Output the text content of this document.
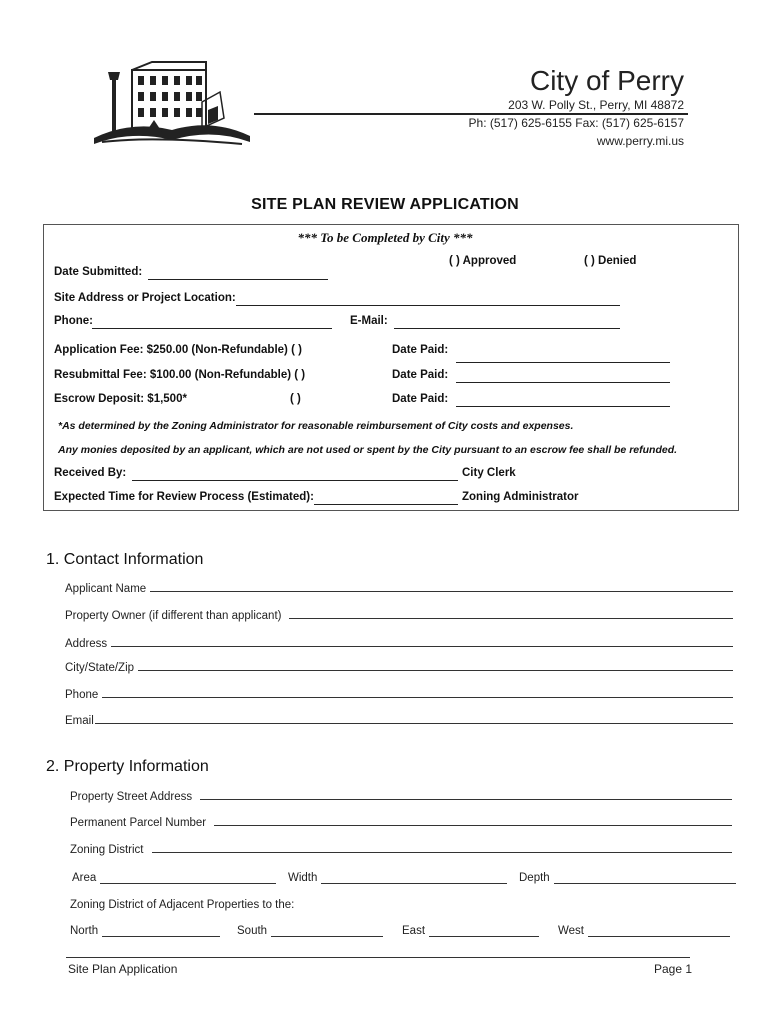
City of Perry
203 W. Polly St., Perry, MI 48872
Ph: (517) 625-6155 Fax: (517) 625-6157
www.perry.mi.us
SITE PLAN REVIEW APPLICATION
*** To be Completed by City ***
( ) Approved	( ) Denied
Date Submitted:
Site Address or Project Location:
Phone:	E-Mail:
Application Fee: $250.00 (Non-Refundable) ( )	Date Paid:
Resubmittal Fee: $100.00 (Non-Refundable) ( )	Date Paid:
Escrow Deposit: $1,500*	( )	Date Paid:
*As determined by the Zoning Administrator for reasonable reimbursement of City costs and expenses.
Any monies deposited by an applicant, which are not used or spent by the City pursuant to an escrow fee shall be refunded.
Received By:	City Clerk
Expected Time for Review Process (Estimated):	Zoning Administrator
1. Contact Information
Applicant Name
Property Owner (if different than applicant)
Address
City/State/Zip
Phone
Email
2. Property Information
Property Street Address
Permanent Parcel Number
Zoning District
Area	Width	Depth
Zoning District of Adjacent Properties to the:
North	South	East	West
Site Plan Application	Page 1
